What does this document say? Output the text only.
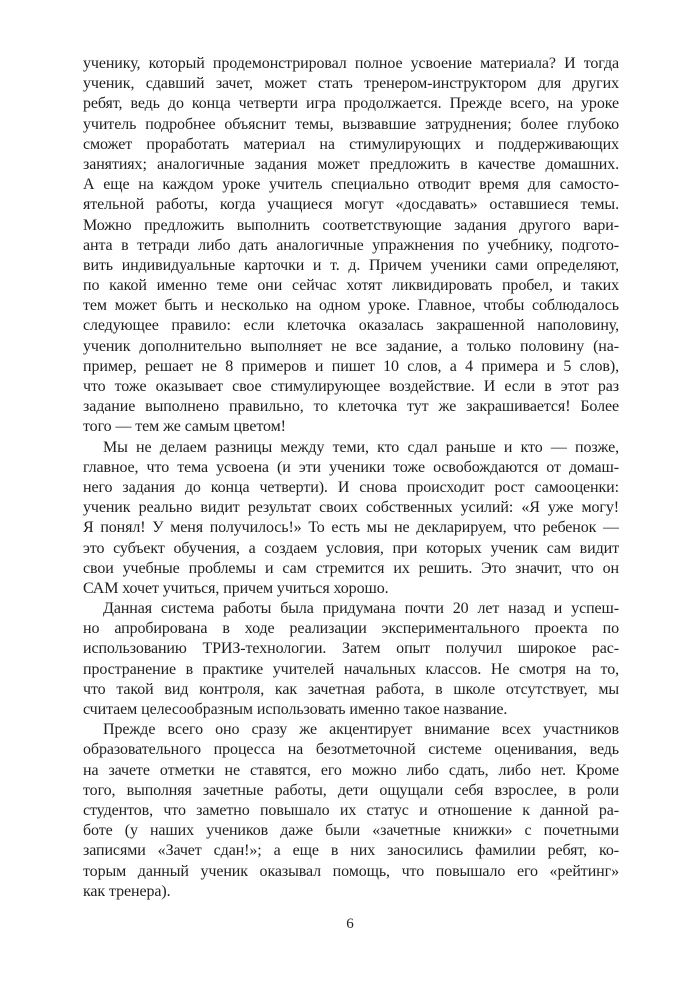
ученику, который продемонстрировал полное усвоение материала? И тогда
ученик, сдавший зачет, может стать тренером-инструктором для других
ребят, ведь до конца четверти игра продолжается. Прежде всего, на уроке
учитель подробнее объяснит темы, вызвавшие затруднения; более глубоко
сможет проработать материал на стимулирующих и поддерживающих
занятиях; аналогичные задания может предложить в качестве домашних.
А еще на каждом уроке учитель специально отводит время для самосто-
ятельной работы, когда учащиеся могут «досдавать» оставшиеся темы.
Можно предложить выполнить соответствующие задания другого вари-
анта в тетради либо дать аналогичные упражнения по учебнику, подгото-
вить индивидуальные карточки и т. д. Причем ученики сами определяют,
по какой именно теме они сейчас хотят ликвидировать пробел, и таких
тем может быть и несколько на одном уроке. Главное, чтобы соблюдалось
следующее правило: если клеточка оказалась закрашенной наполовину,
ученик дополнительно выполняет не все задание, а только половину (на-
пример, решает не 8 примеров и пишет 10 слов, а 4 примера и 5 слов),
что тоже оказывает свое стимулирующее воздействие. И если в этот раз
задание выполнено правильно, то клеточка тут же закрашивается! Более
того — тем же самым цветом!

Мы не делаем разницы между теми, кто сдал раньше и кто — позже,
главное, что тема усвоена (и эти ученики тоже освобождаются от домаш-
него задания до конца четверти). И снова происходит рост самооценки:
ученик реально видит результат своих собственных усилий: «Я уже могу!
Я понял! У меня получилось!» То есть мы не декларируем, что ребенок —
это субъект обучения, а создаем условия, при которых ученик сам видит
свои учебные проблемы и сам стремится их решить. Это значит, что он
САМ хочет учиться, причем учиться хорошо.

Данная система работы была придумана почти 20 лет назад и успеш-
но апробирована в ходе реализации экспериментального проекта по
использованию ТРИЗ-технологии. Затем опыт получил широкое рас-
пространение в практике учителей начальных классов. Не смотря на то,
что такой вид контроля, как зачетная работа, в школе отсутствует, мы
считаем целесообразным использовать именно такое название.

Прежде всего оно сразу же акцентирует внимание всех участников
образовательного процесса на безотметочной системе оценивания, ведь
на зачете отметки не ставятся, его можно либо сдать, либо нет. Кроме
того, выполняя зачетные работы, дети ощущали себя взрослее, в роли
студентов, что заметно повышало их статус и отношение к данной ра-
боте (у наших учеников даже были «зачетные книжки» с почетными
записями «Зачет сдан!»; а еще в них заносились фамилии ребят, ко-
торым данный ученик оказывал помощь, что повышало его «рейтинг»
как тренера).

6
